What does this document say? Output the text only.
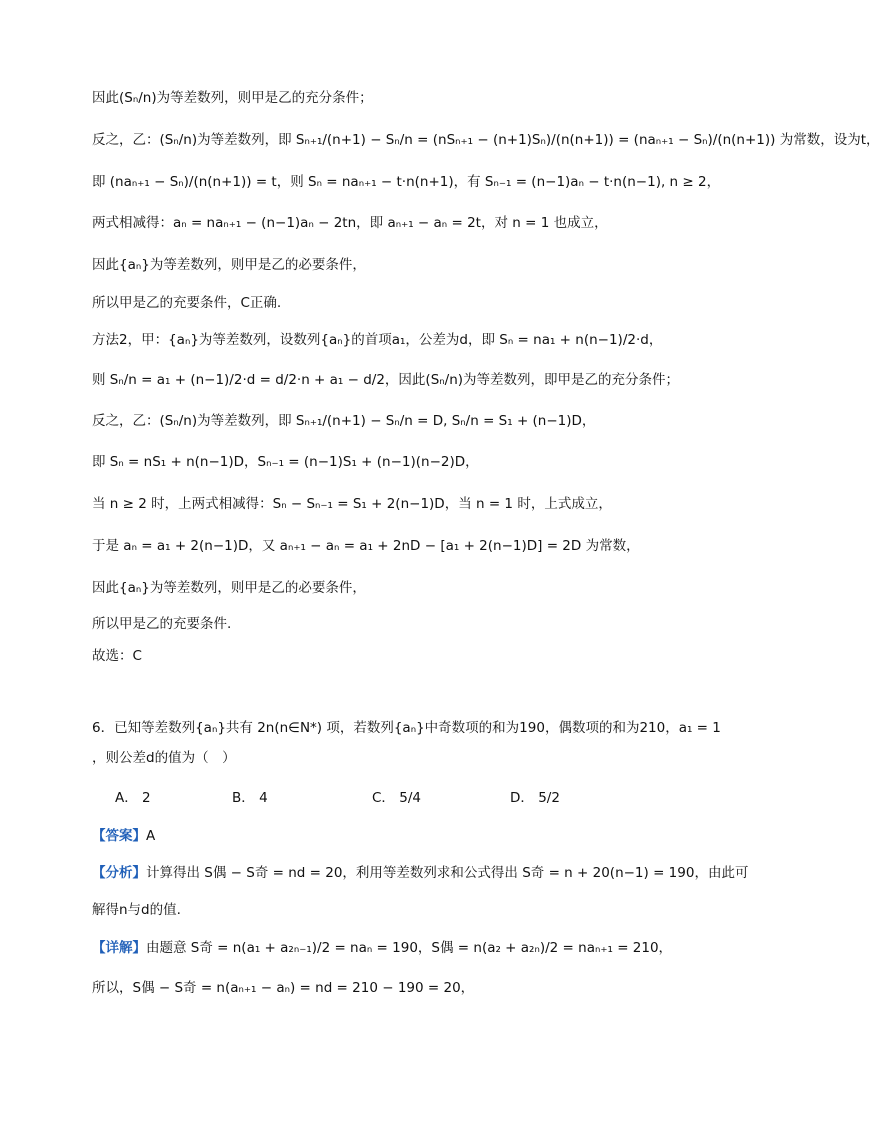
因此(Sₙ/n)为等差数列，则甲是乙的充分条件；
反之，乙：(Sₙ/n)为等差数列，即 Sₙ₊₁/(n+1) − Sₙ/n = (nSₙ₊₁ − (n+1)Sₙ)/(n(n+1)) = (naₙ₊₁ − Sₙ)/(n(n+1)) 为常数，设为t，
即 (naₙ₊₁ − Sₙ)/(n(n+1)) = t，则 Sₙ = naₙ₊₁ − t·n(n+1)，有 Sₙ₋₁ = (n−1)aₙ − t·n(n−1), n ≥ 2，
两式相减得：aₙ = naₙ₊₁ − (n−1)aₙ − 2tn，即 aₙ₊₁ − aₙ = 2t，对 n = 1 也成立，
因此{aₙ}为等差数列，则甲是乙的必要条件，
所以甲是乙的充要条件，C正确.
方法2，甲：{aₙ}为等差数列，设数列{aₙ}的首项a₁，公差为d，即 Sₙ = na₁ + n(n−1)/2·d，
则 Sₙ/n = a₁ + (n−1)/2·d = d/2·n + a₁ − d/2，因此(Sₙ/n)为等差数列，即甲是乙的充分条件；
反之，乙：(Sₙ/n)为等差数列，即 Sₙ₊₁/(n+1) − Sₙ/n = D, Sₙ/n = S₁ + (n−1)D，
即 Sₙ = nS₁ + n(n−1)D，Sₙ₋₁ = (n−1)S₁ + (n−1)(n−2)D，
当 n ≥ 2 时，上两式相减得：Sₙ − Sₙ₋₁ = S₁ + 2(n−1)D，当 n = 1 时，上式成立，
于是 aₙ = a₁ + 2(n−1)D，又 aₙ₊₁ − aₙ = a₁ + 2nD − [a₁ + 2(n−1)D] = 2D 为常数，
因此{aₙ}为等差数列，则甲是乙的必要条件，
所以甲是乙的充要条件.
故选：C
6．已知等差数列{aₙ}共有 2n(n∈N*) 项，若数列{aₙ}中奇数项的和为190，偶数项的和为210，a₁ = 1
，则公差d的值为（　）
A． 2	B． 4	C． 5/4	D． 5/2
【答案】A
【分析】计算得出 S偶 − S奇 = nd = 20，利用等差数列求和公式得出 S奇 = n + 20(n−1) = 190，由此可
解得n与d的值.
【详解】由题意 S奇 = n(a₁ + a₂ₙ₋₁)/2 = naₙ = 190，S偶 = n(a₂ + a₂ₙ)/2 = naₙ₊₁ = 210，
所以，S偶 − S奇 = n(aₙ₊₁ − aₙ) = nd = 210 − 190 = 20，
